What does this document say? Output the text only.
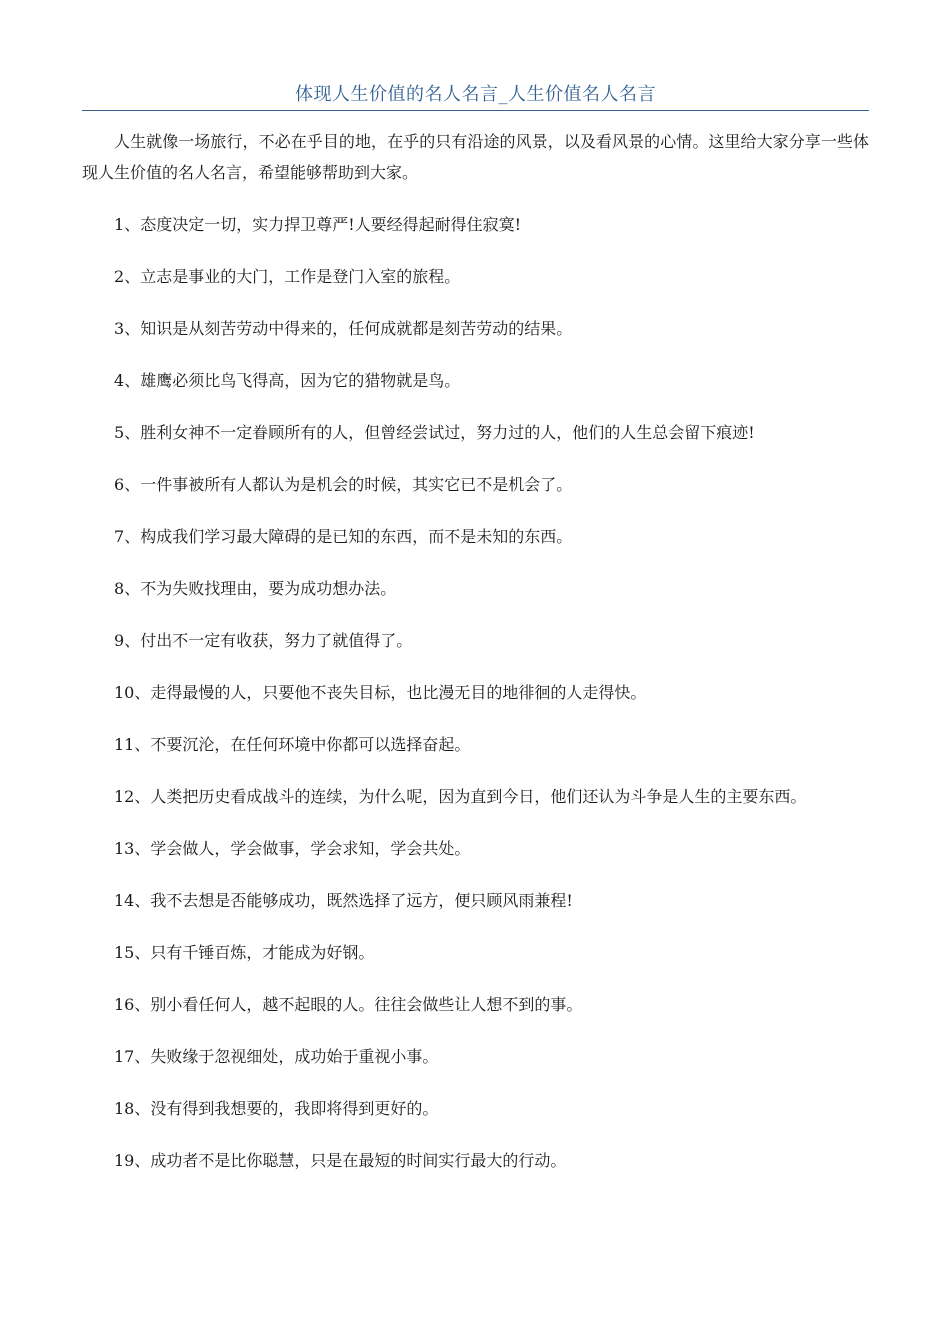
体现人生价值的名人名言_人生价值名人名言

人生就像一场旅行，不必在乎目的地，在乎的只有沿途的风景，以及看风景的心情。这里给大家分享一些体现人生价值的名人名言，希望能够帮助到大家。

1 、 态度决定一切，实力捍卫尊严!人要经得起耐得住寂寞!
2 、 立志是事业的大门，工作是登门入室的旅程。
3 、 知识是从刻苦劳动中得来的，任何成就都是刻苦劳动的结果。
4 、 雄鹰必须比鸟飞得高，因为它的猎物就是鸟。
5 、 胜利女神不一定眷顾所有的人，但曾经尝试过，努力过的人，他们的人生总会留下痕迹!
6 、 一件事被所有人都认为是机会的时候，其实它已不是机会了。
7 、 构成我们学习最大障碍的是已知的东西，而不是未知的东西。
8 、 不为失败找理由，要为成功想办法。
9 、 付出不一定有收获，努力了就值得了。
10 、 走得最慢的人，只要他不丧失目标，也比漫无目的地徘徊的人走得快。
11 、 不要沉沦，在任何环境中你都可以选择奋起。
12 、 人类把历史看成战斗的连续，为什么呢，因为直到今日，他们还认为斗争是人生的主要东西。
13 、 学会做人，学会做事，学会求知，学会共处。
14 、 我不去想是否能够成功，既然选择了远方，便只顾风雨兼程!
15 、 只有千锤百炼，才能成为好钢。
16 、 别小看任何人，越不起眼的人。往往会做些让人想不到的事。
17 、 失败缘于忽视细处，成功始于重视小事。
18 、 没有得到我想要的，我即将得到更好的。
19 、 成功者不是比你聪慧，只是在最短的时间实行最大的行动。
